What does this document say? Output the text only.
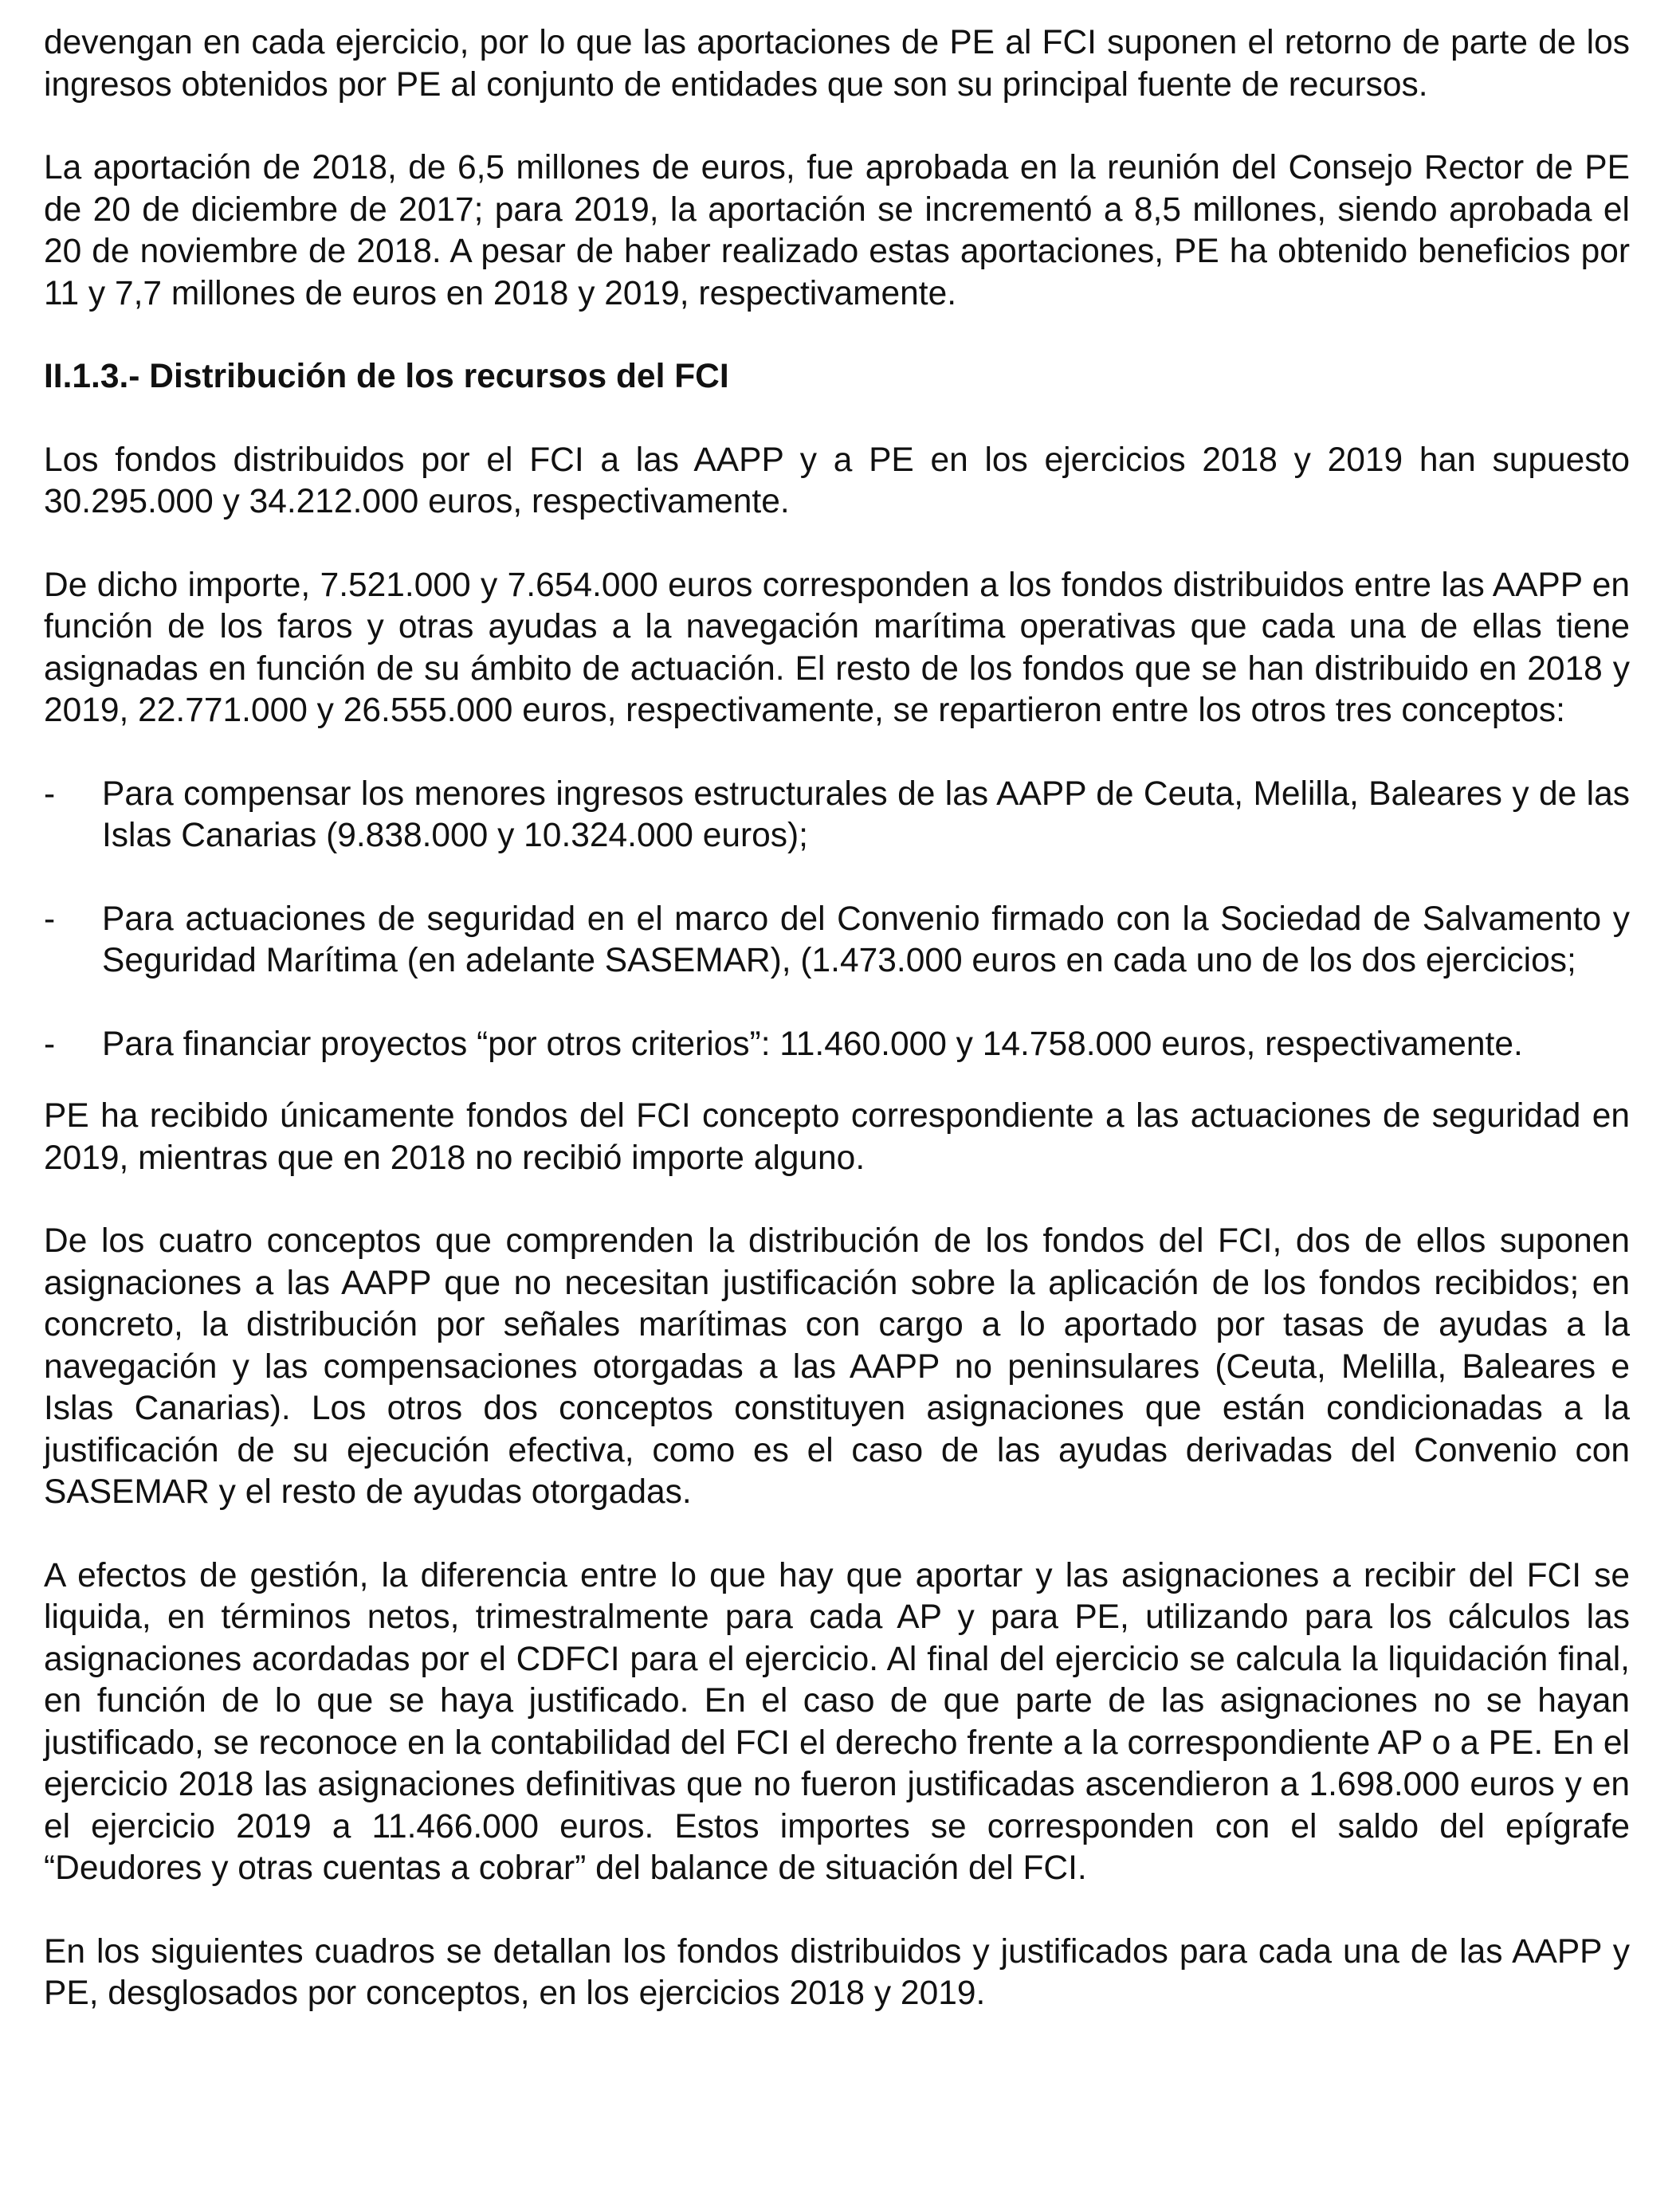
devengan en cada ejercicio, por lo que las aportaciones de PE al FCI suponen el retorno de parte de los ingresos obtenidos por PE al conjunto de entidades que son su principal fuente de recursos.

La aportación de 2018, de 6,5 millones de euros, fue aprobada en la reunión del Consejo Rector de PE de 20 de diciembre de 2017; para 2019, la aportación se incrementó a 8,5 millones, siendo aprobada el 20 de noviembre de 2018. A pesar de haber realizado estas aportaciones, PE ha obtenido beneficios por 11 y 7,7 millones de euros en 2018 y 2019, respectivamente.

II.1.3.- Distribución de los recursos del FCI

Los fondos distribuidos por el FCI a las AAPP y a PE en los ejercicios 2018 y 2019 han supuesto 30.295.000 y 34.212.000 euros, respectivamente.

De dicho importe, 7.521.000 y 7.654.000 euros corresponden a los fondos distribuidos entre las AAPP en función de los faros y otras ayudas a la navegación marítima operativas que cada una de ellas tiene asignadas en función de su ámbito de actuación. El resto de los fondos que se han distribuido en 2018 y 2019, 22.771.000 y 26.555.000 euros, respectivamente, se repartieron entre los otros tres conceptos:

-	Para compensar los menores ingresos estructurales de las AAPP de Ceuta, Melilla, Baleares y de las Islas Canarias (9.838.000 y 10.324.000 euros);

-	Para actuaciones de seguridad en el marco del Convenio firmado con la Sociedad de Salvamento y Seguridad Marítima (en adelante SASEMAR), (1.473.000 euros en cada uno de los dos ejercicios;

-	Para financiar proyectos “por otros criterios”: 11.460.000 y 14.758.000 euros, respectivamente.

PE ha recibido únicamente fondos del FCI concepto correspondiente a las actuaciones de seguridad en 2019, mientras que en 2018 no recibió importe alguno.

De los cuatro conceptos que comprenden la distribución de los fondos del FCI, dos de ellos suponen asignaciones a las AAPP que no necesitan justificación sobre la aplicación de los fondos recibidos; en concreto, la distribución por señales marítimas con cargo a lo aportado por tasas de ayudas a la navegación y las compensaciones otorgadas a las AAPP no peninsulares (Ceuta, Melilla, Baleares e Islas Canarias). Los otros dos conceptos constituyen asignaciones que están condicionadas a la justificación de su ejecución efectiva, como es el caso de las ayudas derivadas del Convenio con SASEMAR y el resto de ayudas otorgadas.

A efectos de gestión, la diferencia entre lo que hay que aportar y las asignaciones a recibir del FCI se liquida, en términos netos, trimestralmente para cada AP y para PE, utilizando para los cálculos las asignaciones acordadas por el CDFCI para el ejercicio. Al final del ejercicio se calcula la liquidación final, en función de lo que se haya justificado. En el caso de que parte de las asignaciones no se hayan justificado, se reconoce en la contabilidad del FCI el derecho frente a la correspondiente AP o a PE. En el ejercicio 2018 las asignaciones definitivas que no fueron justificadas ascendieron a 1.698.000 euros y en el ejercicio 2019 a 11.466.000 euros. Estos importes se corresponden con el saldo del epígrafe “Deudores y otras cuentas a cobrar” del balance de situación del FCI.

En los siguientes cuadros se detallan los fondos distribuidos y justificados para cada una de las AAPP y PE, desglosados por conceptos, en los ejercicios 2018 y 2019.
